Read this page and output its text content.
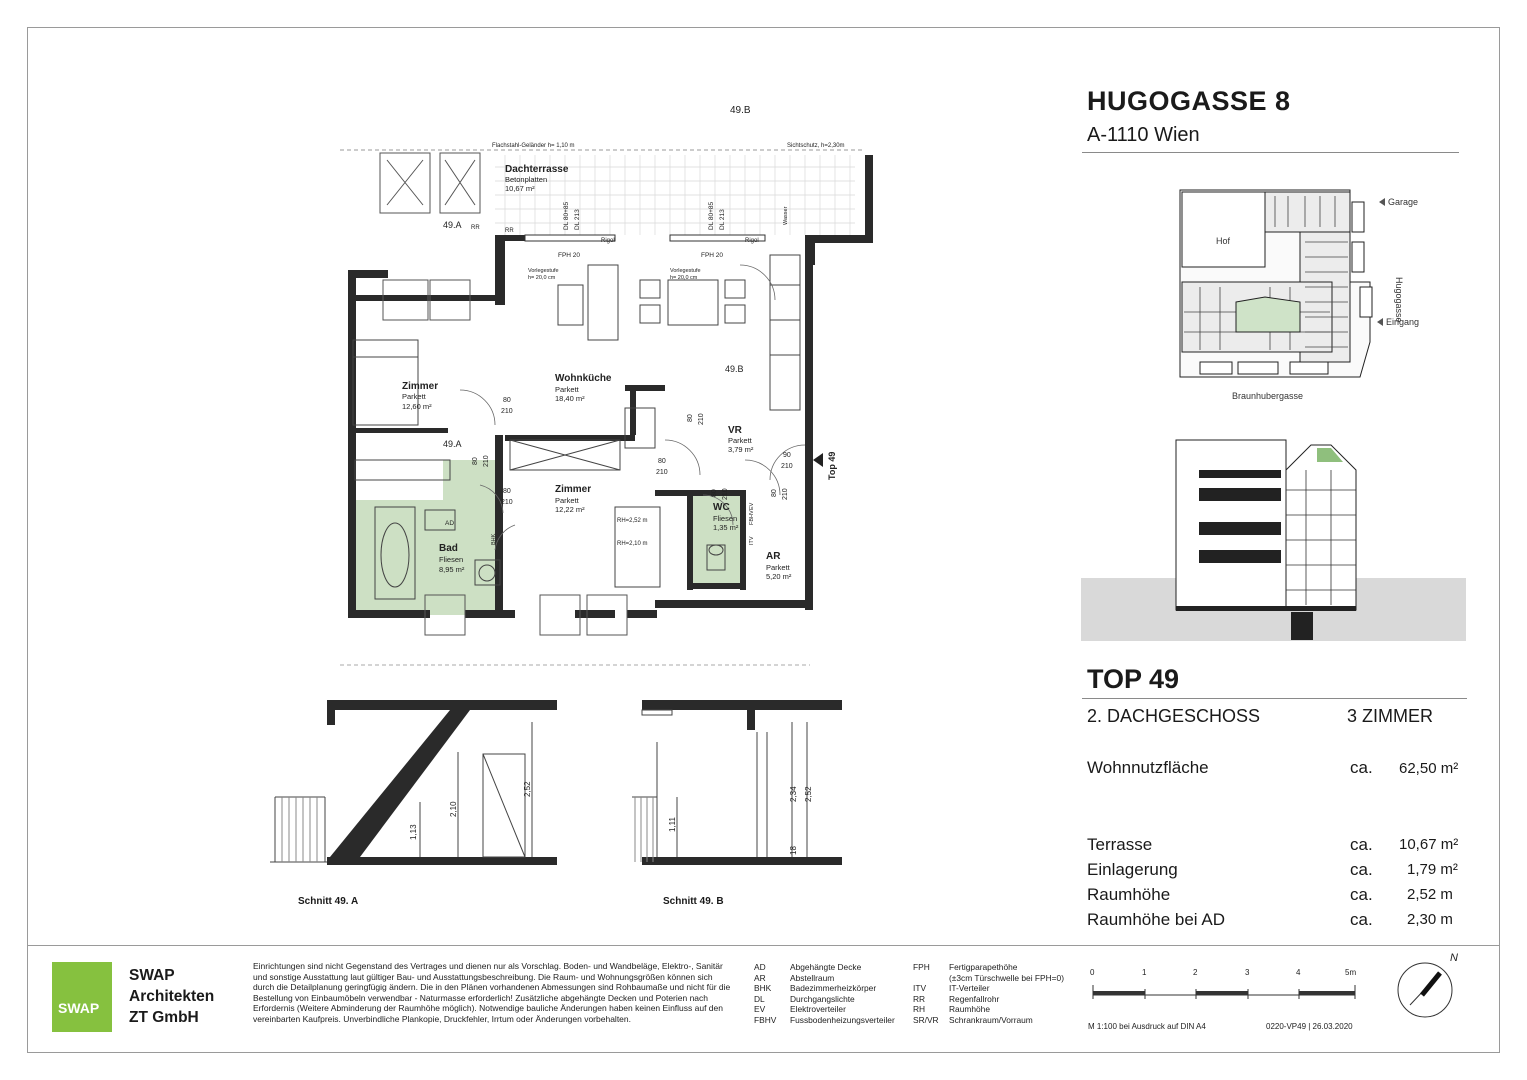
HUGOGASSE 8
A-1110 Wien
Hof
Garage
Eingang
Braunhubergasse
Hugogasse
TOP 49
2. DACHGESCHOSS	3 ZIMMER
Wohnnutzfläche	ca. 62,50 m²
Terrasse	ca. 10,67 m²
Einlagerung	ca. 1,79 m²
Raumhöhe	ca. 2,52 m
Raumhöhe bei AD	ca. 2,30 m
49.B
Flachstahl-Geländer h= 1,10 m	Sichtschutz, h=2,30m
Dachterrasse
Betonplatten
10,67 m²
49.A RR	RR
FPH 20	FPH 20
Rigol	Rigol
Vorlegestufe
h= 20,0 cm
Vorlegestufe
h= 20,0 cm
DL 80+85 DL 213	DL 80+85 DL 213	Wasser
Wohnküche
Parkett
18,40 m²
Zimmer
Parkett
12,60 m²
Zimmer
Parkett
12,22 m²
VR
Parkett
3,79 m²
WC
Fliesen
1,35 m²
Bad
Fliesen
8,95 m²
AR
Parkett
5,20 m²
49.B
49.A
RH=2,52 m
RH=2,10 m
AD
BHK	ITV
FBHV
EV
Top 49
80
210
80
210
80
210
90
210
80 210
80 210
80 210	80 210
2,10
2,52
1,13
Schnitt 49. A
2,34 2,52
1,11
18
Schnitt 49. B
SWAP
SWAP
Architekten
ZT GmbH
Einrichtungen sind nicht Gegenstand des Vertrages und dienen nur als Vorschlag. Boden- und Wandbeläge, Elektro-, Sanitär und sonstige Ausstattung laut gültiger Bau- und Ausstattungsbeschreibung. Die Raum- und Wohnungsgrößen können sich durch die Detailplanung geringfügig ändern. Die in den Plänen vorhandenen Abmessungen sind Rohbaumaße und nicht für die Bestellung von Einbaumöbeln verwendbar - Naturmasse erforderlich! Zusätzliche abgehängte Decken und Poterien nach Erfordernis (Weitere Abminderung der Raumhöhe möglich). Notwendige bauliche Änderungen haben keinen Einfluss auf den vereinbarten Kaufpreis. Unverbindliche Plankopie, Druckfehler, Irrtum oder Änderungen vorbehalten.
AD	Abgehängte Decke
AR	Abstellraum
BHK Badezimmerheizkörper
DL	Durchgangslichte
EV	Elektroverteiler
FBHV Fussbodenheizungsverteiler
FPH Fertigparapethöhe
(±3cm Türschwelle bei FPH=0)
ITV	IT-Verteiler
RR	Regenfallrohr
RH	Raumhöhe
SR/VR Schrankraum/Vorraum
0	1	2	3	4	5m
M 1:100 bei Ausdruck auf DIN A4	0220-VP49 | 26.03.2020
N
